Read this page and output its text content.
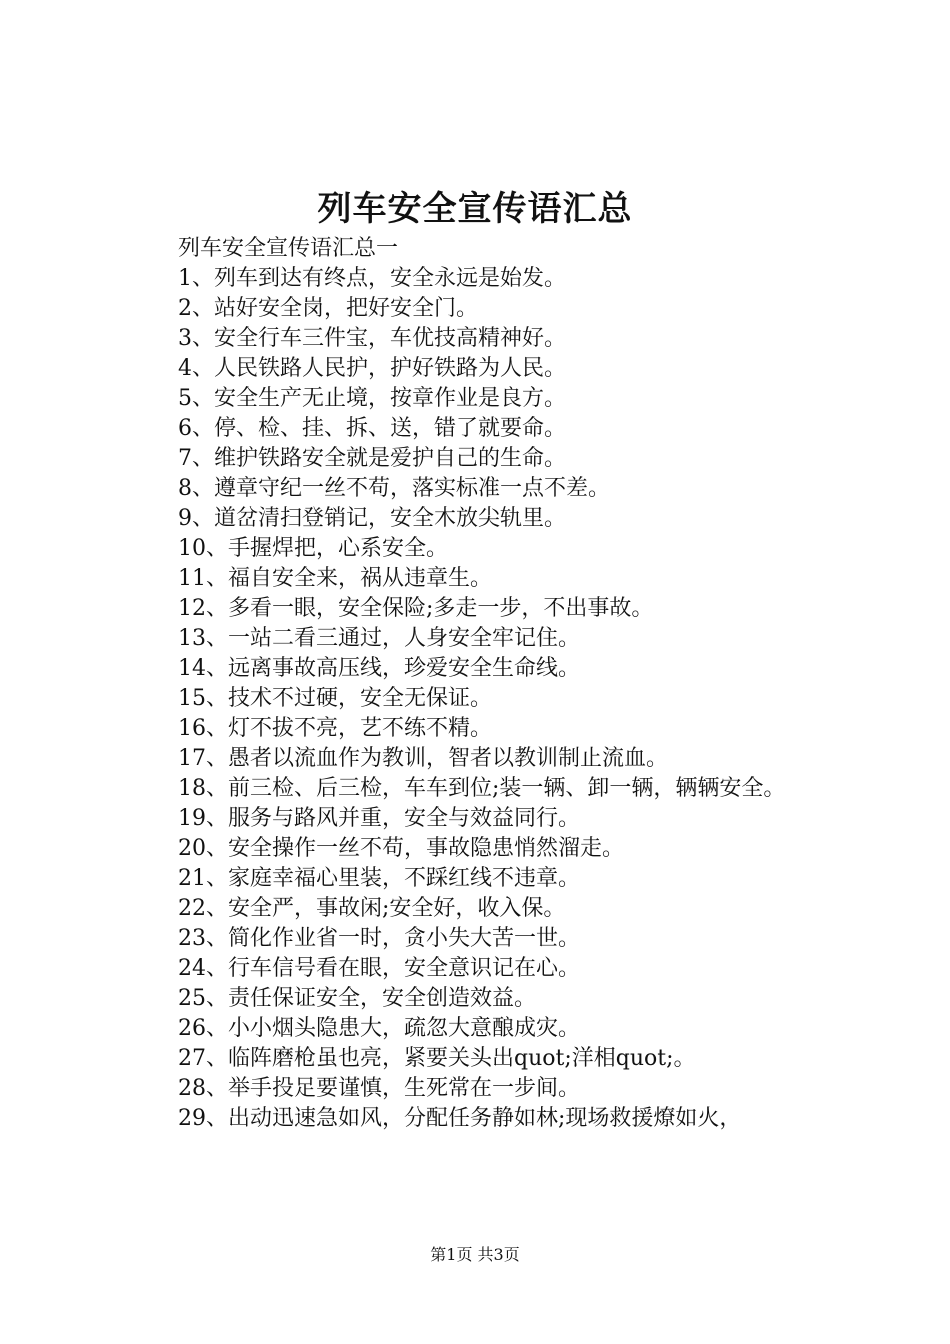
列车安全宣传语汇总

列车安全宣传语汇总一

1、列车到达有终点，安全永远是始发。

2、站好安全岗，把好安全门。

3、安全行车三件宝，车优技高精神好。

4、人民铁路人民护，护好铁路为人民。

5、安全生产无止境，按章作业是良方。

6、停、检、挂、拆、送，错了就要命。

7、维护铁路安全就是爱护自己的生命。

8、遵章守纪一丝不苟，落实标准一点不差。

9、道岔清扫登销记，安全木放尖轨里。

10、手握焊把，心系安全。

11、福自安全来，祸从违章生。

12、多看一眼，安全保险;多走一步，不出事故。

13、一站二看三通过，人身安全牢记住。

14、远离事故高压线，珍爱安全生命线。

15、技术不过硬，安全无保证。

16、灯不拔不亮，艺不练不精。

17、愚者以流血作为教训，智者以教训制止流血。

18、前三检、后三检，车车到位;装一辆、卸一辆，辆辆安全。

19、服务与路风并重，安全与效益同行。

20、安全操作一丝不苟，事故隐患悄然溜走。

21、家庭幸福心里装，不踩红线不违章。

22、安全严，事故闲;安全好，收入保。

23、简化作业省一时，贪小失大苦一世。

24、行车信号看在眼，安全意识记在心。

25、责任保证安全，安全创造效益。

26、小小烟头隐患大，疏忽大意酿成灾。

27、临阵磨枪虽也亮，紧要关头出quot;洋相quot;。

28、举手投足要谨慎，生死常在一步间。

29、出动迅速急如风，分配任务静如林;现场救援燎如火，

第1页 共3页
